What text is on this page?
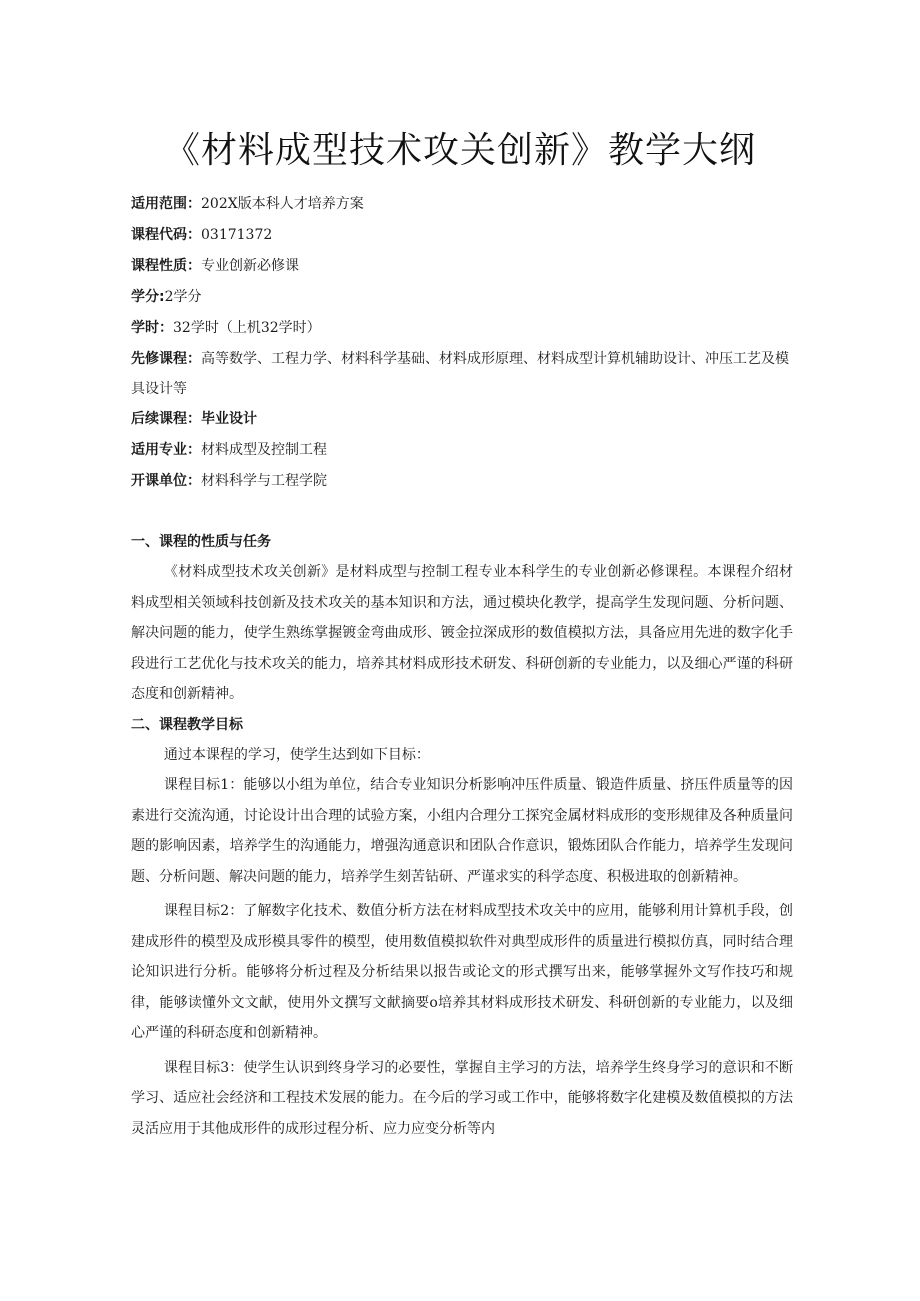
《材料成型技术攻关创新》教学大纲
适用范围：202X版本科人才培养方案
课程代码：03171372
课程性质：专业创新必修课
学分:2学分
学时：32学时（上机32学时）
先修课程：高等数学、工程力学、材料科学基础、材料成形原理、材料成型计算机辅助设计、冲压工艺及模具设计等
后续课程：毕业设计
适用专业：材料成型及控制工程
开课单位：材料科学与工程学院
一、课程的性质与任务

《材料成型技术攻关创新》是材料成型与控制工程专业本科学生的专业创新必修课程。本课程介绍材料成型相关领域科技创新及技术攻关的基本知识和方法，通过模块化教学，提高学生发现问题、分析问题、解决问题的能力，使学生熟练掌握镀金弯曲成形、镀金拉深成形的数值模拟方法，具备应用先进的数字化手段进行工艺优化与技术攻关的能力，培养其材料成形技术研发、科研创新的专业能力，以及细心严谨的科研态度和创新精神。

二、课程教学目标

通过本课程的学习，使学生达到如下目标：

课程目标1：能够以小组为单位，结合专业知识分析影响冲压件质量、锻造件质量、挤压件质量等的因素进行交流沟通，讨论设计出合理的试验方案，小组内合理分工探究金属材料成形的变形规律及各种质量问题的影响因素，培养学生的沟通能力，增强沟通意识和团队合作意识，锻炼团队合作能力，培养学生发现问题、分析问题、解决问题的能力，培养学生刻苦钻研、严谨求实的科学态度、积极进取的创新精神。

课程目标2：了解数字化技术、数值分析方法在材料成型技术攻关中的应用，能够利用计算机手段，创建成形件的模型及成形模具零件的模型，使用数值模拟软件对典型成形件的质量进行模拟仿真，同时结合理论知识进行分析。能够将分析过程及分析结果以报告或论文的形式撰写出来，能够掌握外文写作技巧和规律，能够读懂外文文献，使用外文撰写文献摘要o培养其材料成形技术研发、科研创新的专业能力，以及细心严谨的科研态度和创新精神。

课程目标3：使学生认识到终身学习的必要性，掌握自主学习的方法，培养学生终身学习的意识和不断学习、适应社会经济和工程技术发展的能力。在今后的学习或工作中，能够将数字化建模及数值模拟的方法灵活应用于其他成形件的成形过程分析、应力应变分析等内
